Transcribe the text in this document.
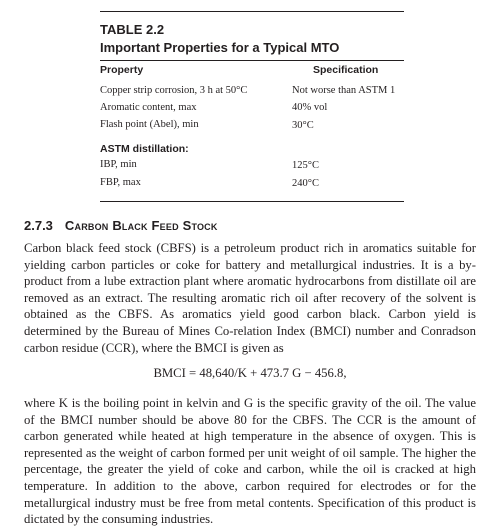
TABLE 2.2
Important Properties for a Typical MTO
Property	Specification
Copper strip corrosion, 3 h at 50°C	Not worse than ASTM 1
Aromatic content, max	40% vol
Flash point (Abel), min	30°C
ASTM distillation:
IBP, min	125°C
FBP, max	240°C
2.7.3 Carbon Black Feed Stock

Carbon black feed stock (CBFS) is a petroleum product rich in aromatics suitable for yielding carbon particles or coke for battery and metallurgical industries. It is a by-product from a lube extraction plant where aromatic hydrocarbons from distillate oil are removed as an extract. The resulting aromatic rich oil after recovery of the solvent is obtained as the CBFS. As aromatics yield good carbon black. Carbon yield is determined by the Bureau of Mines Co-relation Index (BMCI) number and Conradson carbon residue (CCR), where the BMCI is given as

BMCI = 48,640/K + 473.7 G − 456.8,

where K is the boiling point in kelvin and G is the specific gravity of the oil. The value of the BMCI number should be above 80 for the CBFS. The CCR is the amount of carbon generated while heated at high temperature in the absence of oxygen. This is represented as the weight of carbon formed per unit weight of oil sample. The higher the percentage, the greater the yield of coke and carbon, while the oil is cracked at high temperature. In addition to the above, carbon required for electrodes or for the metallurgical industry must be free from metal contents. Specification of this product is dictated by the consuming industries.
